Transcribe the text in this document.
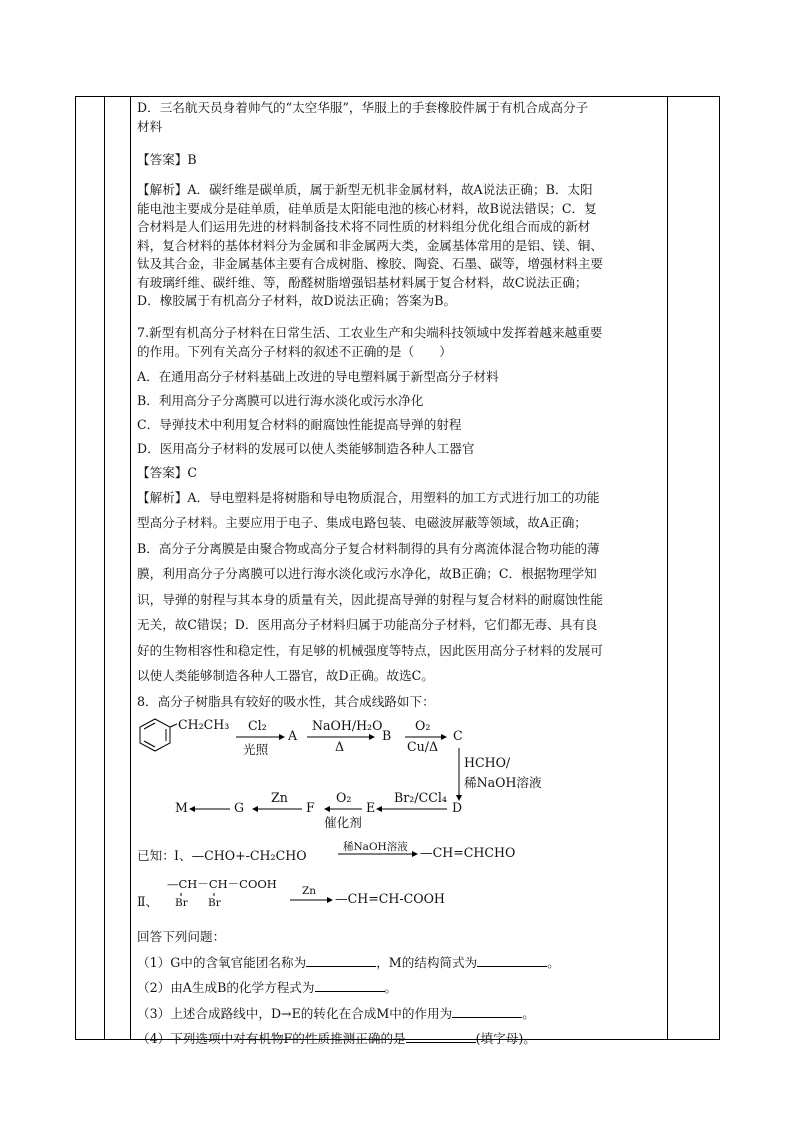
D．三名航天员身着帅气的“太空华服”，华服上的手套橡胶件属于有机合成高分子

材料

【答案】B

【解析】A．碳纤维是碳单质，属于新型无机非金属材料，故A说法正确；B．太阳

能电池主要成分是硅单质，硅单质是太阳能电池的核心材料，故B说法错误；C．复

合材料是人们运用先进的材料制备技术将不同性质的材料组分优化组合而成的新材

料，复合材料的基体材料分为金属和非金属两大类，金属基体常用的是铝、镁、铜、

钛及其合金，非金属基体主要有合成树脂、橡胶、陶瓷、石墨、碳等，增强材料主要

有玻璃纤维、碳纤维、等，酚醛树脂增强铝基材料属于复合材料，故C说法正确；

D．橡胶属于有机高分子材料，故D说法正确；答案为B。

7.新型有机高分子材料在日常生活、工农业生产和尖端科技领域中发挥着越来越重要

的作用。下列有关高分子材料的叙述不正确的是（　　）

A．在通用高分子材料基础上改进的导电塑料属于新型高分子材料

B．利用高分子分离膜可以进行海水淡化或污水净化

C．导弹技术中利用复合材料的耐腐蚀性能提高导弹的射程

D．医用高分子材料的发展可以使人类能够制造各种人工器官

【答案】C

【解析】A．导电塑料是将树脂和导电物质混合，用塑料的加工方式进行加工的功能

型高分子材料。主要应用于电子、集成电路包装、电磁波屏蔽等领域，故A正确；

B．高分子分离膜是由聚合物或高分子复合材料制得的具有分离流体混合物功能的薄

膜，利用高分子分离膜可以进行海水淡化或污水净化，故B正确；C．根据物理学知

识，导弹的射程与其本身的质量有关，因此提高导弹的射程与复合材料的耐腐蚀性能

无关，故C错误；D．医用高分子材料归属于功能高分子材料，它们都无毒、具有良

好的生物相容性和稳定性，有足够的机械强度等特点，因此医用高分子材料的发展可

以使人类能够制造各种人工器官，故D正确。故选C。

8．高分子树脂具有较好的吸水性，其合成线路如下：

CH₂CH₃ Cl₂
光照
A
NaOH/H₂O
Δ
B
O₂
Cu/Δ
C
HCHO/
稀NaOH溶液
D
Br₂/CCl₄
E
O₂
催化剂
F
Zn
G
M
已知： Ⅰ、—CHO+-CH₂CHO
稀NaOH溶液 —CH=CHCHO
Ⅱ、
—CH－CH－COOH
Br Br
Zn —CH=CH-COOH

回答下列问题：

（1）G中的含氧官能团名称为	，M的结构简式为	。

（2）由A生成B的化学方程式为	。

（3）上述合成路线中，D→E的转化在合成M中的作用为	。

（4）下列选项中对有机物F的性质推测正确的是	(填字母)。
